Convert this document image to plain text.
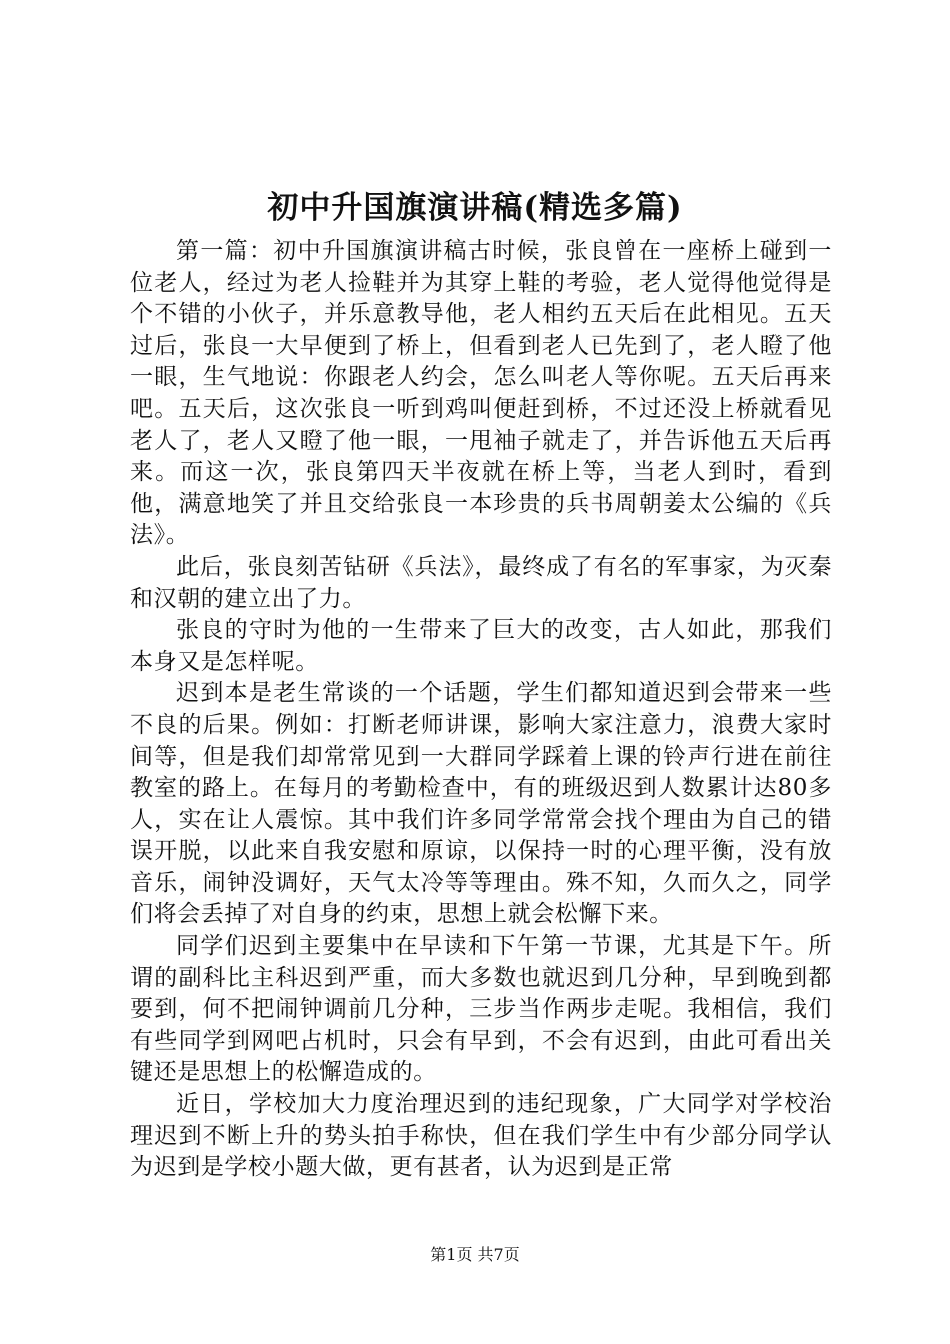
初中升国旗演讲稿(精选多篇)

第一篇：初中升国旗演讲稿古时候，张良曾在一座桥上碰到一位老人，经过为老人捡鞋并为其穿上鞋的考验，老人觉得他觉得是个不错的小伙子，并乐意教导他，老人相约五天后在此相见。五天过后，张良一大早便到了桥上，但看到老人已先到了，老人瞪了他一眼，生气地说：你跟老人约会，怎么叫老人等你呢。五天后再来吧。五天后，这次张良一听到鸡叫便赶到桥，不过还没上桥就看见老人了，老人又瞪了他一眼，一甩袖子就走了，并告诉他五天后再来。而这一次，张良第四天半夜就在桥上等，当老人到时，看到他，满意地笑了并且交给张良一本珍贵的兵书周朝姜太公编的《兵法》。

此后，张良刻苦钻研《兵法》，最终成了有名的军事家，为灭秦和汉朝的建立出了力。

张良的守时为他的一生带来了巨大的改变，古人如此，那我们本身又是怎样呢。

迟到本是老生常谈的一个话题，学生们都知道迟到会带来一些不良的后果。例如：打断老师讲课，影响大家注意力，浪费大家时间等，但是我们却常常见到一大群同学踩着上课的铃声行进在前往教室的路上。在每月的考勤检查中，有的班级迟到人数累计达80多人，实在让人震惊。其中我们许多同学常常会找个理由为自己的错误开脱，以此来自我安慰和原谅，以保持一时的心理平衡，没有放音乐，闹钟没调好，天气太冷等等理由。殊不知，久而久之，同学们将会丢掉了对自身的约束，思想上就会松懈下来。

同学们迟到主要集中在早读和下午第一节课，尤其是下午。所谓的副科比主科迟到严重，而大多数也就迟到几分种，早到晚到都要到，何不把闹钟调前几分种，三步当作两步走呢。我相信，我们有些同学到网吧占机时，只会有早到，不会有迟到，由此可看出关键还是思想上的松懈造成的。

近日，学校加大力度治理迟到的违纪现象，广大同学对学校治理迟到不断上升的势头拍手称快，但在我们学生中有少部分同学认为迟到是学校小题大做，更有甚者，认为迟到是正常

第1页 共7页
